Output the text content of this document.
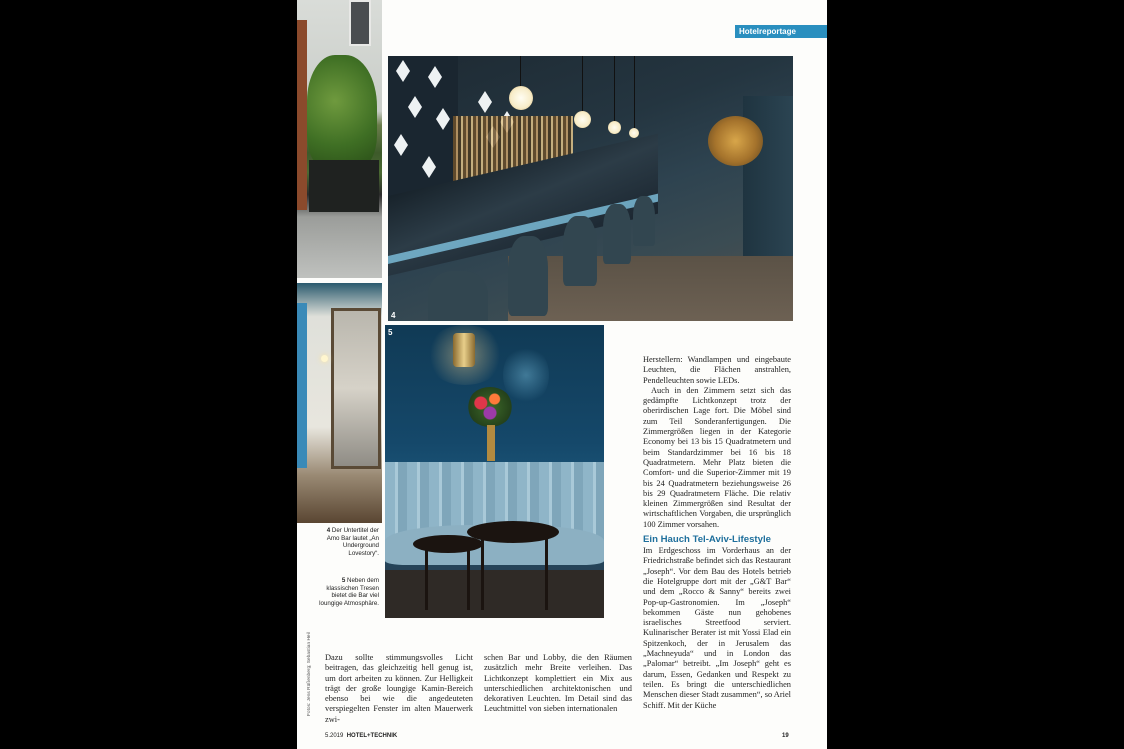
Hotelreportage
4
5
4 Der Untertitel der Amo Bar lautet „An Underground Lovestory“.
5 Neben dem klassischen Tresen bietet die Bar viel loungige Atmosphäre.
Fotos: Jens Rüßenberg; Sebastian Heil Dazu sollte stimmungsvolles Licht beitragen, das gleichzeitig hell genug ist, um dort arbeiten zu können. Zur Helligkeit trägt der große loungige Kamin-Bereich ebenso bei wie die angedeuteten verspiegelten Fenster im alten Mauerwerk zwi-

schen Bar und Lobby, die den Räumen zusätzlich mehr Breite verleihen. Das Lichtkonzept komplettiert ein Mix aus unterschiedlichen architektonischen und dekorativen Leuchten. Im Detail sind das Leuchtmittel von sieben internationalen

Herstellern: Wandlampen und eingebaute Leuchten, die Flächen anstrahlen, Pendelleuchten sowie LEDs.

Auch in den Zimmern setzt sich das gedämpfte Lichtkonzept trotz der oberirdischen Lage fort. Die Möbel sind zum Teil Sonderanfertigungen. Die Zimmergrößen liegen in der Kategorie Economy bei 13 bis 15 Quadratmetern und beim Standardzimmer bei 16 bis 18 Quadratmetern. Mehr Platz bieten die Comfort- und die Superior-Zimmer mit 19 bis 24 Quadratmetern beziehungsweise 26 bis 29 Quadratmetern Fläche. Die relativ kleinen Zimmergrößen sind Resultat der wirtschaftlichen Vorgaben, die ursprünglich 100 Zimmer vorsahen.

Ein Hauch Tel-Aviv-Lifestyle

Im Erdgeschoss im Vorderhaus an der Friedrichstraße befindet sich das Restaurant „Joseph“. Vor dem Bau des Hotels betrieb die Hotelgruppe dort mit der „G&T Bar“ und dem „Rocco & Sanny“ bereits zwei Pop-up-Gastronomien. Im „Joseph“ bekommen Gäste nun gehobenes israelisches Streetfood serviert. Kulinarischer Berater ist mit Yossi Elad ein Spitzenkoch, der in Jerusalem das „Machneyuda“ und in London das „Palomar“ betreibt. „Im Joseph“ geht es darum, Essen, Gedanken und Respekt zu teilen. Es bringt die unterschiedlichen Menschen dieser Stadt zusammen“, so Ariel Schiff. Mit der Küche

5.2019 HOTEL+TECHNIK	19
